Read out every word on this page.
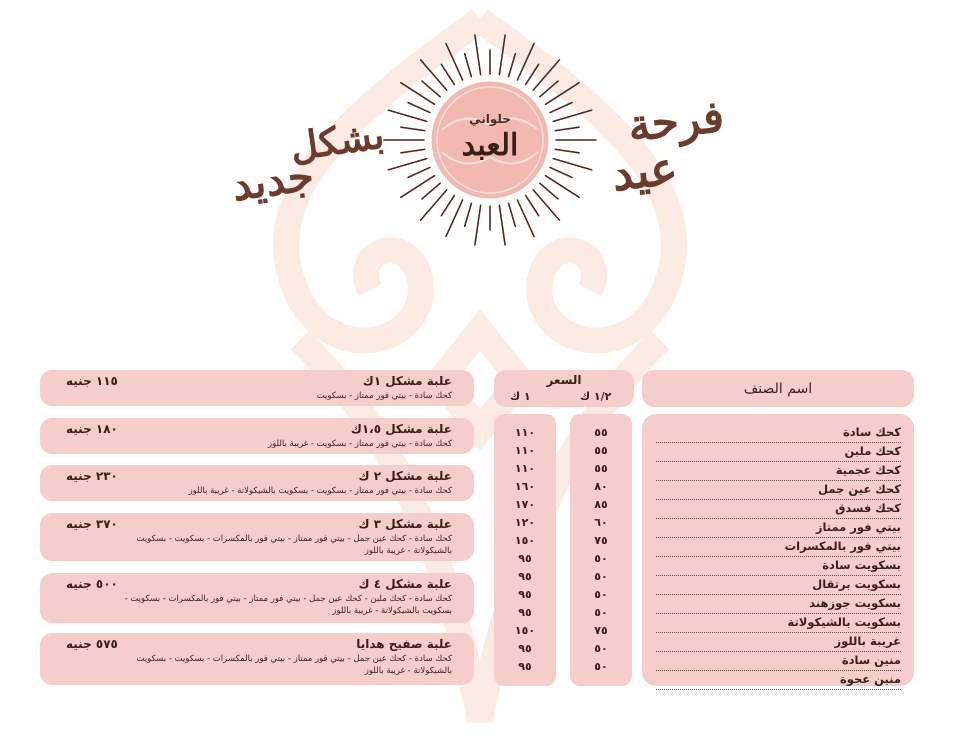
فرحة
عيد
بشكل
جديد
حلواني
العبد
اسم الصنف
كحك سادة
كحك ملبن
كحك عجمية
كحك عين جمل
كحك فسدق
بيتي فور ممتاز
بيتي فور بالمكسرات
بسكويت سادة
بسكويت برتقال
بسكويت جوزهند
بسكويت بالشيكولاتة
غريبة باللوز
منين سادة
منين عجوة
السعر
١/٢ ك
١ ك
٥٥
٥٥
٥٥
٨٠
٨٥
٦٠
٧٥
٥٠
٥٠
٥٠
٥٠
٧٥
٥٠
٥٠
١١٠
١١٠
١١٠
١٦٠
١٧٠
١٢٠
١٥٠
٩٥
٩٥
٩٥
٩٥
١٥٠
٩٥
٩٥
علبة مشكل ١ك
١١٥ جنيه
كحك سادة - بيتي فور ممتاز - بسكويت
علبة مشكل ١،٥ك
١٨٠ جنيه
كحك سادة - بيتي فور ممتاز - بسكويت - غريبة باللوز
علبة مشكل ٢ ك
٢٣٠ جنيه
كحك سادة - بيتي فور ممتاز - بسكويت - بسكويت بالشيكولاتة - غريبة باللوز
علبة مشكل ٣ ك
٣٧٠ جنيه
كحك سادة - كحك عين جمل - بيتي فور ممتاز - بيتي فور بالمكسرات - بسكويت - بسكويت بالشيكولاتة - غريبة باللوز
علبة مشكل ٤ ك
٥٠٠ جنيه
كحك سادة - كحك ملبن - كحك عين جمل - بيتي فور ممتاز - بيتي فور بالمكسرات - بسكويت - بسكويت بالشيكولاتة - غريبة باللوز
علبة صفيح هدايا
٥٧٥ جنيه
كحك سادة - كحك عين جمل - بيتي فور ممتاز - بيتي فور بالمكسرات - بسكويت - بسكويت بالشيكولاتة - غريبة باللوز
